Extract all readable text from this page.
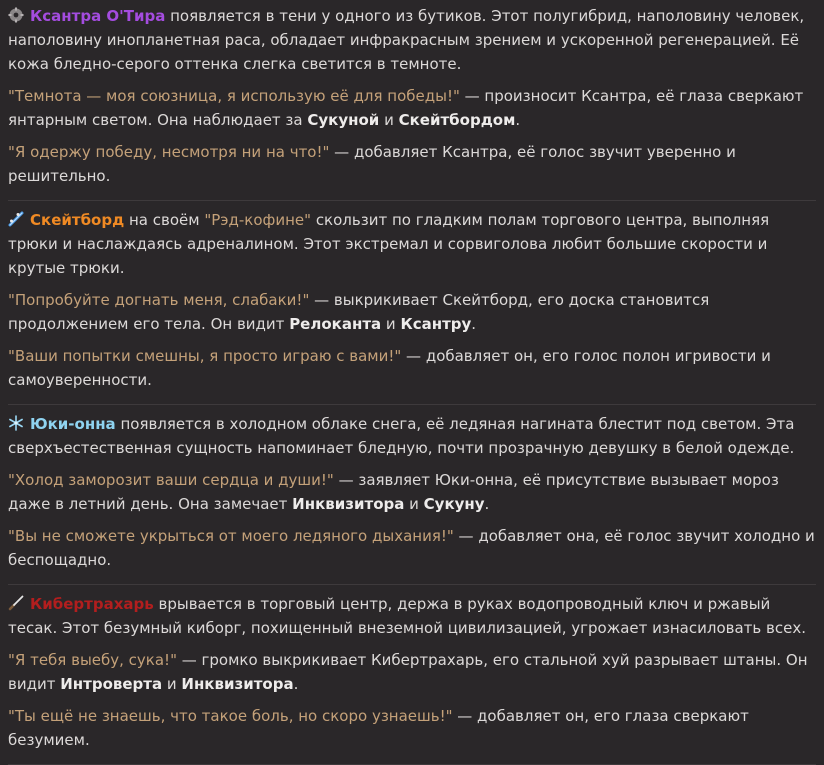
Ксантра О'Тира появляется в тени у одного из бутиков. Этот полугибрид, наполовину человек, наполовину инопланетная раса, обладает инфракрасным зрением и ускоренной регенерацией. Её кожа бледно-серого оттенка слегка светится в темноте.

"Темнота — моя союзница, я использую её для победы!" — произносит Ксантра, её глаза сверкают янтарным светом. Она наблюдает за Сукуной и Скейтбордом.

"Я одержу победу, несмотря ни на что!" — добавляет Ксантра, её голос звучит уверенно и решительно.

Скейтборд на своём "Рэд-кофине" скользит по гладким полам торгового центра, выполняя трюки и наслаждаясь адреналином. Этот экстремал и сорвиголова любит большие скорости и крутые трюки.

"Попробуйте догнать меня, слабаки!" — выкрикивает Скейтборд, его доска становится продолжением его тела. Он видит Релоканта и Ксантру.

"Ваши попытки смешны, я просто играю с вами!" — добавляет он, его голос полон игривости и самоуверенности.

Юки-онна появляется в холодном облаке снега, её ледяная нагината блестит под светом. Эта сверхъестественная сущность напоминает бледную, почти прозрачную девушку в белой одежде.

"Холод заморозит ваши сердца и души!" — заявляет Юки-онна, её присутствие вызывает мороз даже в летний день. Она замечает Инквизитора и Сукуну.

"Вы не сможете укрыться от моего ледяного дыхания!" — добавляет она, её голос звучит холодно и беспощадно.

Кибертрахарь врывается в торговый центр, держа в руках водопроводный ключ и ржавый тесак. Этот безумный киборг, похищенный внеземной цивилизацией, угрожает изнасиловать всех.

"Я тебя выебу, сука!" — громко выкрикивает Кибертрахарь, его стальной хуй разрывает штаны. Он видит Интроверта и Инквизитора.

"Ты ещё не знаешь, что такое боль, но скоро узнаешь!" — добавляет он, его глаза сверкают безумием.
